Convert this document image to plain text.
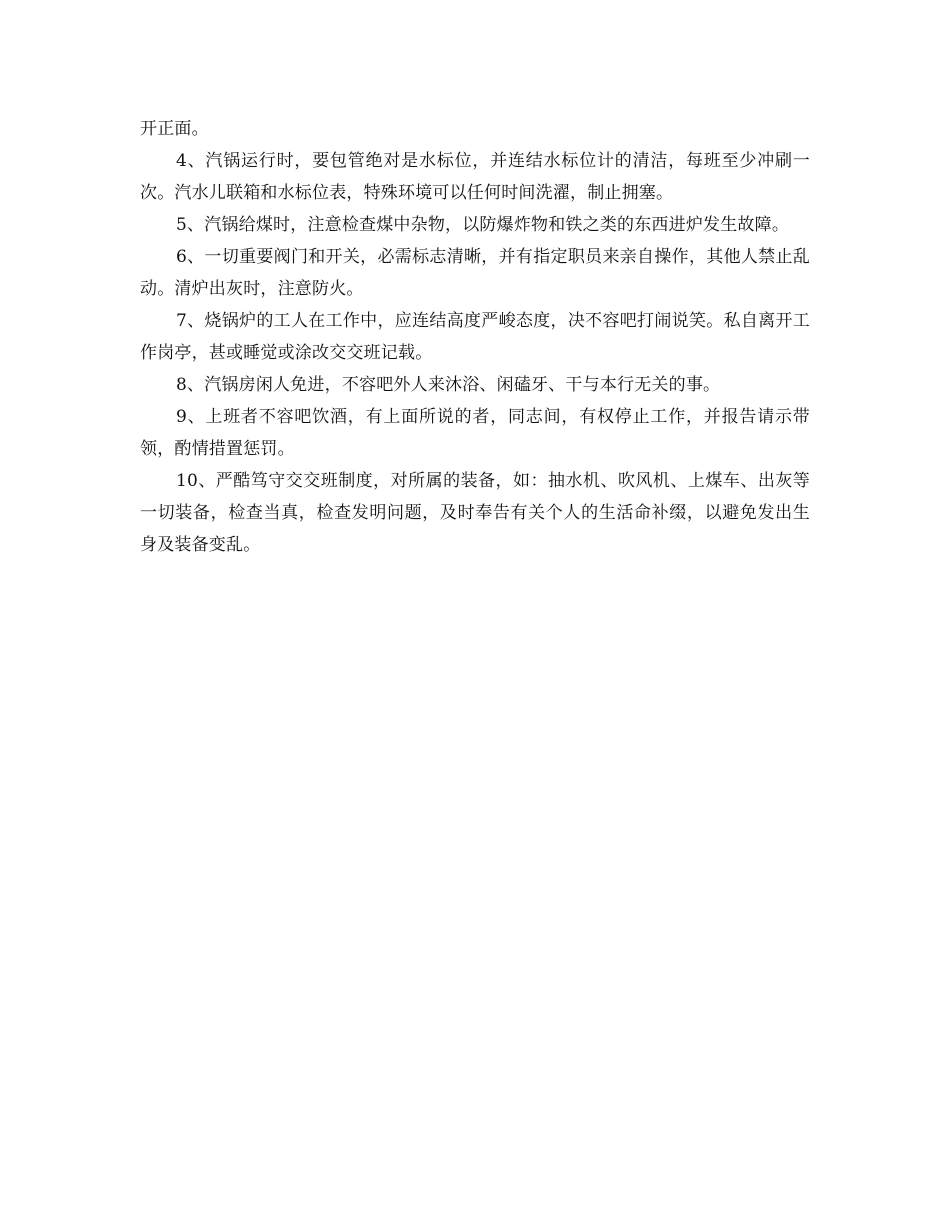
开正面。

4、汽锅运行时，要包管绝对是水标位，并连结水标位计的清洁，每班至少冲刷一次。汽水儿联箱和水标位表，特殊环境可以任何时间洗濯，制止拥塞。

5、汽锅给煤时，注意检查煤中杂物，以防爆炸物和铁之类的东西进炉发生故障。

6、一切重要阀门和开关，必需标志清晰，并有指定职员来亲自操作，其他人禁止乱动。清炉出灰时，注意防火。

7、烧锅炉的工人在工作中，应连结高度严峻态度，决不容吧打闹说笑。私自离开工作岗亭，甚或睡觉或涂改交交班记载。

8、汽锅房闲人免进，不容吧外人来沐浴、闲磕牙、干与本行无关的事。

9、上班者不容吧饮酒，有上面所说的者，同志间，有权停止工作，并报告请示带领，酌情措置惩罚。

10、严酷笃守交交班制度，对所属的装备，如：抽水机、吹风机、上煤车、出灰等一切装备，检查当真，检查发明问题，及时奉告有关个人的生活命补缀，以避免发出生身及装备变乱。
